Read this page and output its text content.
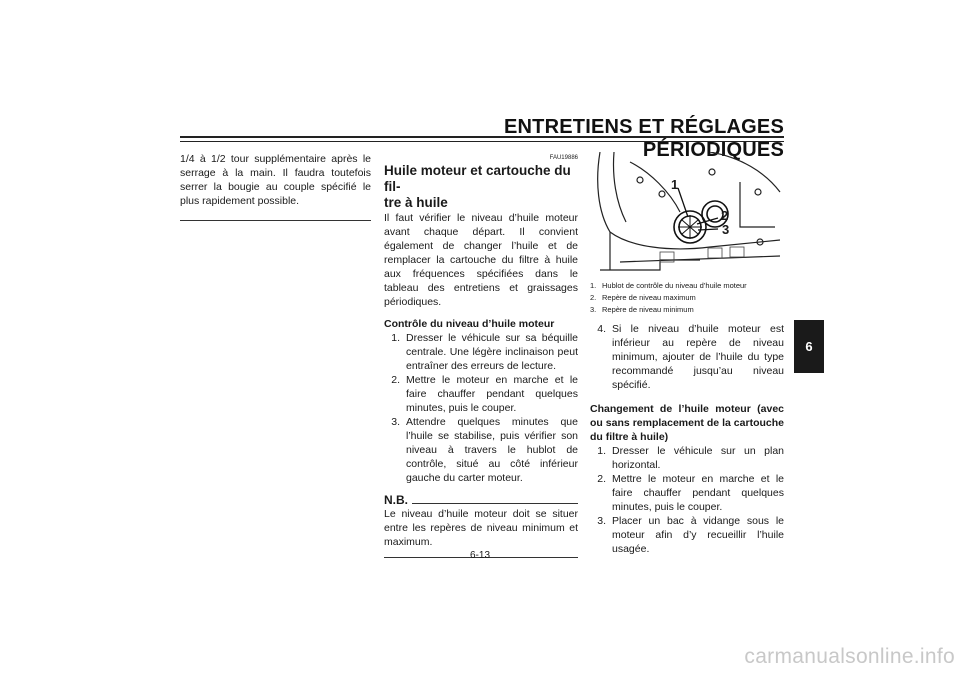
ENTRETIENS ET RÉGLAGES PÉRIODIQUES
1/4 à 1/2 tour supplémentaire après le serrage à la main. Il faudra toutefois serrer la bougie au couple spécifié le plus rapidement possible.
FAU19886
Huile moteur et cartouche du fil-
tre à huile
Il faut vérifier le niveau d’huile moteur avant chaque départ. Il convient également de changer l’huile et de remplacer la cartouche du filtre à huile aux fréquences spécifiées dans le tableau des entretiens et graissages périodiques.
Contrôle du niveau d’huile moteur
1. Dresser le véhicule sur sa béquille centrale. Une légère inclinaison peut entraîner des erreurs de lecture.
2. Mettre le moteur en marche et le faire chauffer pendant quelques minutes, puis le couper.
3. Attendre quelques minutes que l’huile se stabilise, puis vérifier son niveau à travers le hublot de contrôle, situé au côté inférieur gauche du carter moteur.
N.B.
Le niveau d’huile moteur doit se situer entre les repères de niveau minimum et maximum.
1
2
3
1. Hublot de contrôle du niveau d’huile moteur
2. Repère de niveau maximum
3. Repère de niveau minimum
4. Si le niveau d’huile moteur est inférieur au repère de niveau minimum, ajouter de l’huile du type recommandé jusqu’au niveau spécifié.
Changement de l’huile moteur (avec ou sans remplacement de la cartouche du filtre à huile)
1. Dresser le véhicule sur un plan horizontal.
2. Mettre le moteur en marche et le faire chauffer pendant quelques minutes, puis le couper.
3. Placer un bac à vidange sous le moteur afin d’y recueillir l’huile usagée.
6-13
6
carmanualsonline.info
